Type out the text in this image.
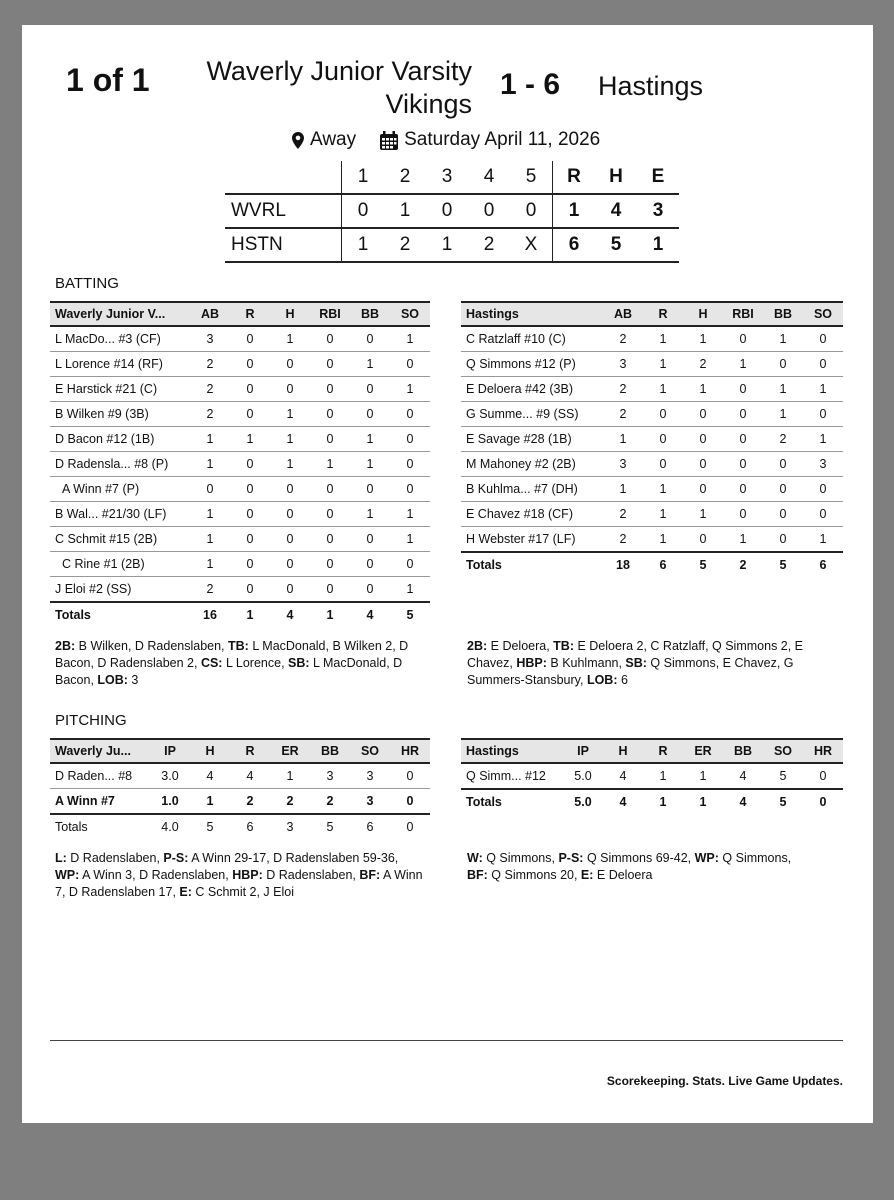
1 of 1	Waverly Junior Varsity
Vikings
1 - 6 Hastings
Away	Saturday April 11, 2026
	1	2	3	4	5	R	H	E
WVRL	0	1	0	0	0	1	4	3
HSTN	1	2	1	2	X	6	5	1
BATTING
Waverly Junior V...	AB	R	H	RBI	BB	SO
L MacDo... #3 (CF)	3	0	1	0	0	1
L Lorence #14 (RF)	2	0	0	0	1	0
E Harstick #21 (C)	2	0	0	0	0	1
B Wilken #9 (3B)	2	0	1	0	0	0
D Bacon #12 (1B)	1	1	1	0	1	0
D Radensla... #8 (P)	1	0	1	1	1	0
A Winn #7 (P)	0	0	0	0	0	0
B Wal... #21/30 (LF)	1	0	0	0	1	1
C Schmit #15 (2B)	1	0	0	0	0	1
C Rine #1 (2B)	1	0	0	0	0	0
J Eloi #2 (SS)	2	0	0	0	0	1
Totals	16	1	4	1	4	5
Hastings	AB	R	H	RBI	BB	SO
C Ratzlaff #10 (C)	2	1	1	0	1	0
Q Simmons #12 (P)	3	1	2	1	0	0
E Deloera #42 (3B)	2	1	1	0	1	1
G Summe... #9 (SS)	2	0	0	0	1	0
E Savage #28 (1B)	1	0	0	0	2	1
M Mahoney #2 (2B)	3	0	0	0	0	3
B Kuhlma... #7 (DH)	1	1	0	0	0	0
E Chavez #18 (CF)	2	1	1	0	0	0
H Webster #17 (LF)	2	1	0	1	0	1
Totals	18	6	5	2	5	6
2B: B Wilken, D Radenslaben, TB: L MacDonald, B Wilken 2, D Bacon, D Radenslaben 2, CS: L Lorence, SB: L MacDonald, D Bacon, LOB: 3
2B: E Deloera, TB: E Deloera 2, C Ratzlaff, Q Simmons 2, E Chavez, HBP: B Kuhlmann, SB: Q Simmons, E Chavez, G Summers-Stansbury, LOB: 6
PITCHING
Waverly Ju...	IP	H	R	ER	BB	SO	HR
D Raden... #8	3.0	4	4	1	3	3	0
A Winn #7	1.0	1	2	2	2	3	0
Totals	4.0	5	6	3	5	6	0
Hastings	IP	H	R	ER	BB	SO	HR
Q Simm... #12	5.0	4	1	1	4	5	0
Totals	5.0	4	1	1	4	5	0
L: D Radenslaben, P-S: A Winn 29-17, D Radenslaben 59-36, WP: A Winn 3, D Radenslaben, HBP: D Radenslaben, BF: A Winn 7, D Radenslaben 17, E: C Schmit 2, J Eloi
W: Q Simmons, P-S: Q Simmons 69-42, WP: Q Simmons, BF: Q Simmons 20, E: E Deloera
Scorekeeping. Stats. Live Game Updates.
